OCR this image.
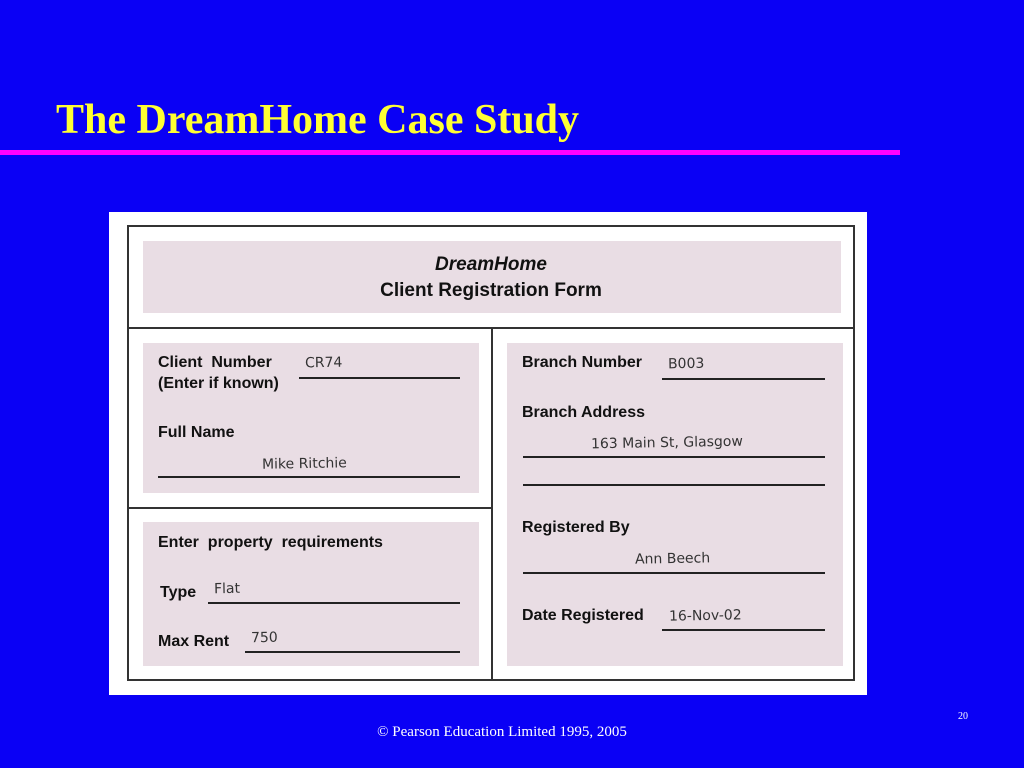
The DreamHome Case Study
DreamHome
Client Registration Form
Client  Number
(Enter if known)
CR74
Full Name
Mike Ritchie
Enter  property  requirements
Type Flat
Max Rent 750
Branch Number B003
Branch Address
163 Main St, Glasgow
Registered By
Ann Beech
Date Registered 16-Nov-02
20
© Pearson Education Limited 1995, 2005
